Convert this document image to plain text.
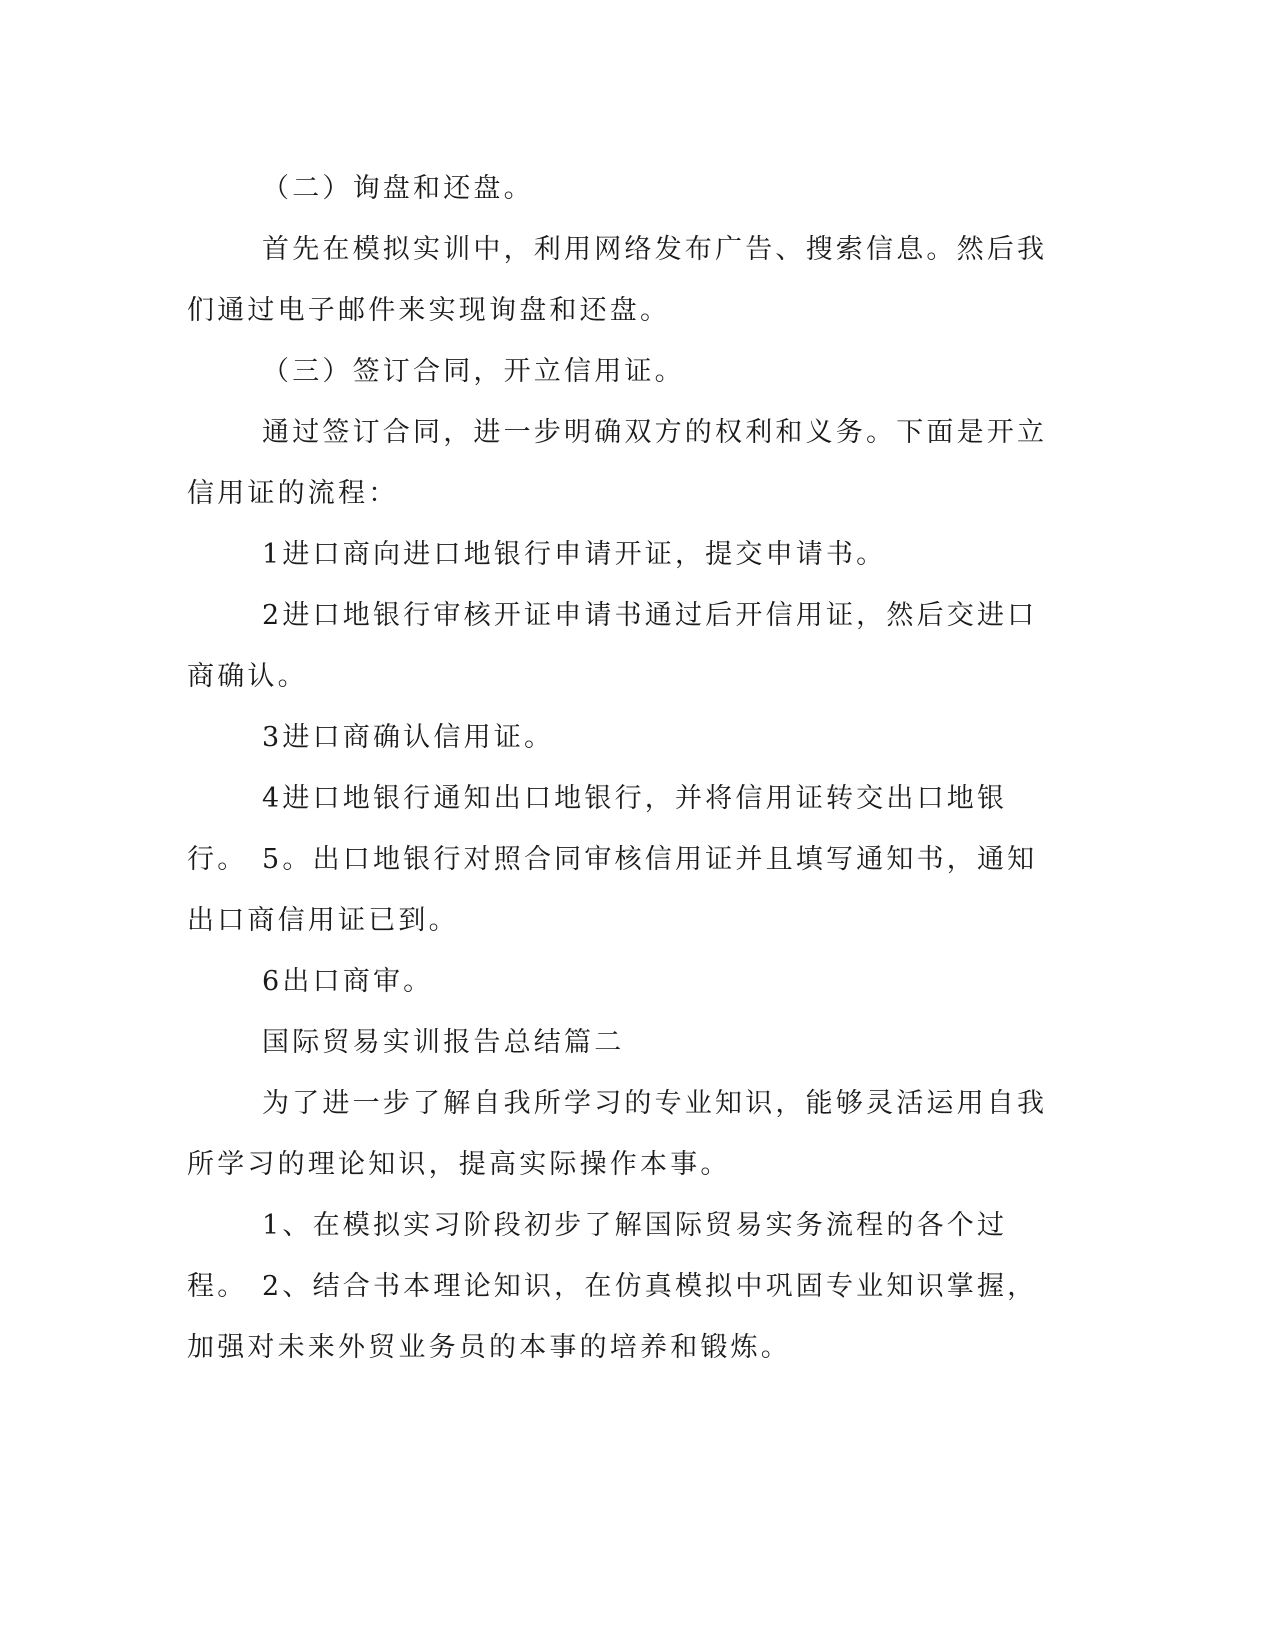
（二）询盘和还盘。

首先在模拟实训中，利用网络发布广告、搜索信息。然后我们通过电子邮件来实现询盘和还盘。

（三）签订合同，开立信用证。

通过签订合同，进一步明确双方的权利和义务。下面是开立信用证的流程：

1进口商向进口地银行申请开证，提交申请书。

2进口地银行审核开证申请书通过后开信用证，然后交进口商确认。

3进口商确认信用证。

4进口地银行通知出口地银行，并将信用证转交出口地银行。 5。出口地银行对照合同审核信用证并且填写通知书，通知出口商信用证已到。

6出口商审。

国际贸易实训报告总结篇二

为了进一步了解自我所学习的专业知识，能够灵活运用自我所学习的理论知识，提高实际操作本事。

1、在模拟实习阶段初步了解国际贸易实务流程的各个过程。 2、结合书本理论知识，在仿真模拟中巩固专业知识掌握，加强对未来外贸业务员的本事的培养和锻炼。
